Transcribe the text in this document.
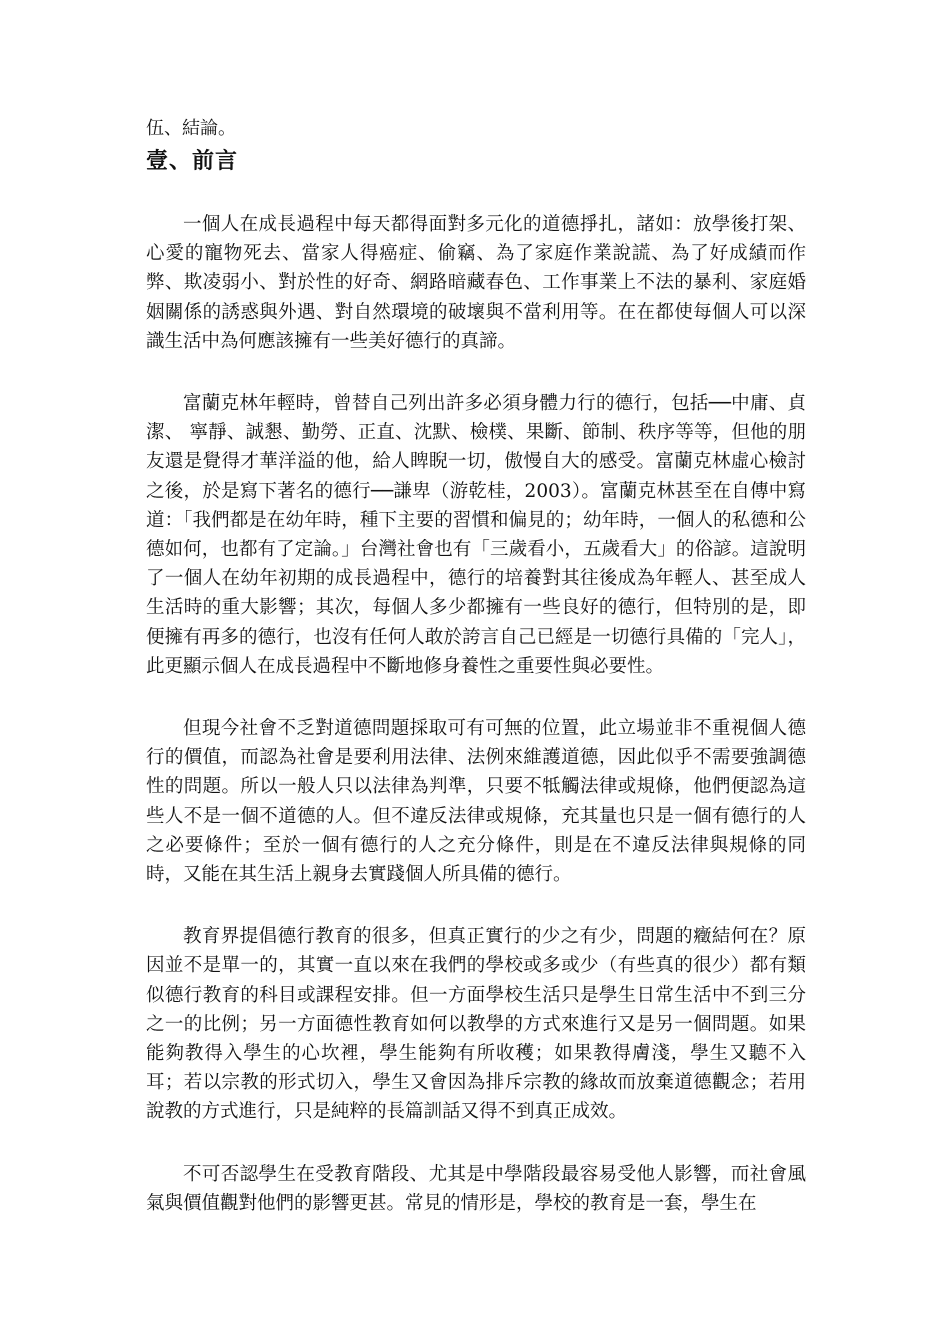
伍、結論。

壹、前言

一個人在成長過程中每天都得面對多元化的道德掙扎，諸如：放學後打架、心愛的寵物死去、當家人得癌症、偷竊、為了家庭作業說謊、為了好成績而作弊、欺凌弱小、對於性的好奇、網路暗藏春色、工作事業上不法的暴利、家庭婚姻關係的誘惑與外遇、對自然環境的破壞與不當利用等。在在都使每個人可以深識生活中為何應該擁有一些美好德行的真諦。

富蘭克林年輕時，曾替自己列出許多必須身體力行的德行，包括──中庸、貞潔、 寧靜、誠懇、勤勞、正直、沈默、檢樸、果斷、節制、秩序等等，但他的朋友還是覺得才華洋溢的他，給人睥睨一切，傲慢自大的感受。富蘭克林虛心檢討之後，於是寫下著名的德行──謙卑（游乾桂，2003）。富蘭克林甚至在自傳中寫道：「我們都是在幼年時，種下主要的習慣和偏見的；幼年時，一個人的私德和公德如何，也都有了定論。」台灣社會也有「三歲看小，五歲看大」的俗諺。這說明了一個人在幼年初期的成長過程中，德行的培養對其往後成為年輕人、甚至成人生活時的重大影響；其次，每個人多少都擁有一些良好的德行，但特別的是，即便擁有再多的德行，也沒有任何人敢於誇言自己已經是一切德行具備的「完人」，此更顯示個人在成長過程中不斷地修身養性之重要性與必要性。

但現今社會不乏對道德問題採取可有可無的位置，此立場並非不重視個人德行的價值，而認為社會是要利用法律、法例來維護道德，因此似乎不需要強調德性的問題。所以一般人只以法律為判準，只要不牴觸法律或規條，他們便認為這些人不是一個不道德的人。但不違反法律或規條，充其量也只是一個有德行的人之必要條件；至於一個有德行的人之充分條件，則是在不違反法律與規條的同時，又能在其生活上親身去實踐個人所具備的德行。

教育界提倡德行教育的很多，但真正實行的少之有少，問題的癥結何在？原因並不是單一的，其實一直以來在我們的學校或多或少（有些真的很少）都有類似德行教育的科目或課程安排。但一方面學校生活只是學生日常生活中不到三分之一的比例；另一方面德性教育如何以教學的方式來進行又是另一個問題。如果能夠教得入學生的心坎裡，學生能夠有所收穫；如果教得膚淺，學生又聽不入耳；若以宗教的形式切入，學生又會因為排斥宗教的緣故而放棄道德觀念；若用說教的方式進行，只是純粹的長篇訓話又得不到真正成效。

不可否認學生在受教育階段、尤其是中學階段最容易受他人影響，而社會風氣與價值觀對他們的影響更甚。常見的情形是，學校的教育是一套，學生在
